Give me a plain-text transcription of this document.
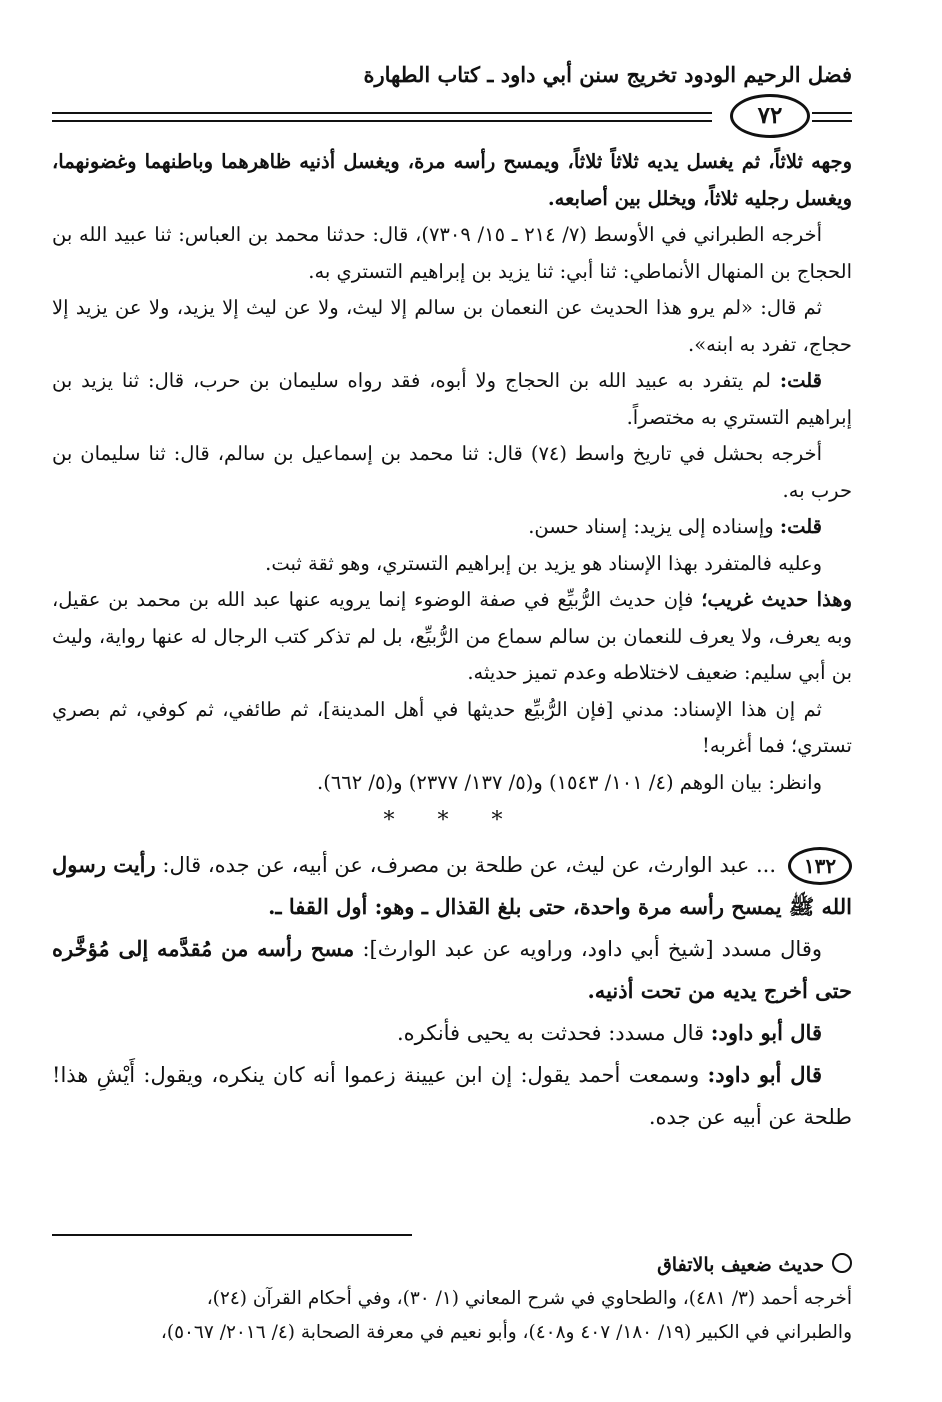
فضل الرحيم الودود تخريج سنن أبي داود ـ كتاب الطهارة
٧٢

وجهه ثلاثاً، ثم يغسل يديه ثلاثاً ثلاثاً، ويمسح رأسه مرة، ويغسل أذنيه ظاهرهما وباطنهما وغضونهما، ويغسل رجليه ثلاثاً، ويخلل بين أصابعه.

أخرجه الطبراني في الأوسط (٧/ ٢١٤ ـ ١٥/ ٧٣٠٩)، قال: حدثنا محمد بن العباس: ثنا عبيد الله بن الحجاج بن المنهال الأنماطي: ثنا أبي: ثنا يزيد بن إبراهيم التستري به.

ثم قال: «لم يرو هذا الحديث عن النعمان بن سالم إلا ليث، ولا عن ليث إلا يزيد، ولا عن يزيد إلا حجاج، تفرد به ابنه».

قلت: لم يتفرد به عبيد الله بن الحجاج ولا أبوه، فقد رواه سليمان بن حرب، قال: ثنا يزيد بن إبراهيم التستري به مختصراً.

أخرجه بحشل في تاريخ واسط (٧٤) قال: ثنا محمد بن إسماعيل بن سالم، قال: ثنا سليمان بن حرب به.

قلت: وإسناده إلى يزيد: إسناد حسن.

وعليه فالمتفرد بهذا الإسناد هو يزيد بن إبراهيم التستري، وهو ثقة ثبت.

وهذا حديث غريب؛ فإن حديث الرُّبيِّع في صفة الوضوء إنما يرويه عنها عبد الله بن محمد بن عقيل، وبه يعرف، ولا يعرف للنعمان بن سالم سماع من الرُّبيِّع، بل لم تذكر كتب الرجال له عنها رواية، وليث بن أبي سليم: ضعيف لاختلاطه وعدم تميز حديثه.

ثم إن هذا الإسناد: مدني [فإن الرُّبيِّع حديثها في أهل المدينة]، ثم طائفي، ثم كوفي، ثم بصري تستري؛ فما أغربه!

وانظر: بيان الوهم (٤/ ١٠١/ ١٥٤٣) و(٥/ ١٣٧/ ٢٣٧٧) و(٥/ ٦٦٢).

* * *

١٣٢... عبد الوارث، عن ليث، عن طلحة بن مصرف، عن أبيه، عن جده، قال: رأيت رسول الله ﷺ يمسح رأسه مرة واحدة، حتى بلغ القذال ـ وهو: أول القفا ـ.

وقال مسدد [شيخ أبي داود، وراويه عن عبد الوارث]: مسح رأسه من مُقدَّمه إلى مُؤخَّره حتى أخرج يديه من تحت أذنيه.

قال أبو داود: قال مسدد: فحدثت به يحيى فأنكره.

قال أبو داود: وسمعت أحمد يقول: إن ابن عيينة زعموا أنه كان ينكره، ويقول: أَيْشِ هذا! طلحة عن أبيه عن جده.

حديث ضعيف بالاتفاق
أخرجه أحمد (٣/ ٤٨١)، والطحاوي في شرح المعاني (١/ ٣٠)، وفي أحكام القرآن (٢٤)،
والطبراني في الكبير (١٩/ ١٨٠/ ٤٠٧ و٤٠٨)، وأبو نعيم في معرفة الصحابة (٤/ ٢٠١٦/ ٥٠٦٧)،
